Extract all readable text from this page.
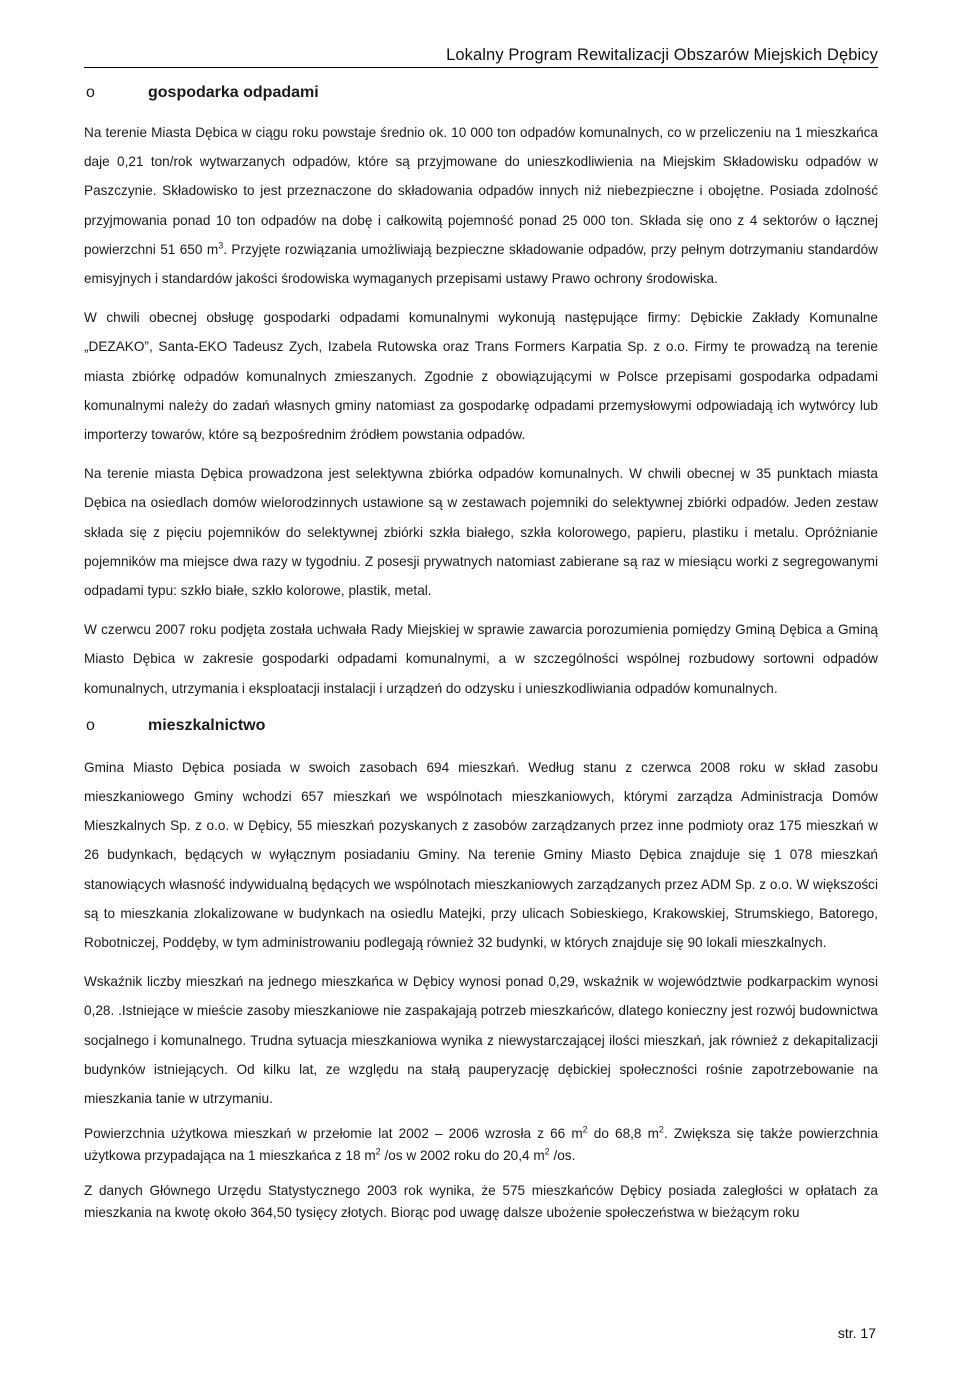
Lokalny Program Rewitalizacji Obszarów Miejskich Dębicy
o	gospodarka odpadami

Na terenie Miasta Dębica w ciągu roku powstaje średnio ok. 10 000 ton odpadów komunalnych, co w przeliczeniu na 1 mieszkańca daje 0,21 ton/rok wytwarzanych odpadów, które są przyjmowane do unieszkodliwienia na Miejskim Składowisku odpadów w Paszczynie. Składowisko to jest przeznaczone do składowania odpadów innych niż niebezpieczne i obojętne. Posiada zdolność przyjmowania ponad 10 ton odpadów na dobę i całkowitą pojemność ponad 25 000 ton. Składa się ono z 4 sektorów o łącznej powierzchni 51 650 $m^3$. Przyjęte rozwiązania umożliwiają bezpieczne składowanie odpadów, przy pełnym dotrzymaniu standardów emisyjnych i standardów jakości środowiska wymaganych przepisami ustawy Prawo ochrony środowiska.

W chwili obecnej obsługę gospodarki odpadami komunalnymi wykonują następujące firmy: Dębickie Zakłady Komunalne „DEZAKO”, Santa-EKO Tadeusz Zych, Izabela Rutowska oraz Trans Formers Karpatia Sp. z o.o. Firmy te prowadzą na terenie miasta zbiórkę odpadów komunalnych zmieszanych. Zgodnie z obowiązującymi w Polsce przepisami gospodarka odpadami komunalnymi należy do zadań własnych gminy natomiast za gospodarkę odpadami przemysłowymi odpowiadają ich wytwórcy lub importerzy towarów, które są bezpośrednim źródłem powstania odpadów.

Na terenie miasta Dębica prowadzona jest selektywna zbiórka odpadów komunalnych. W chwili obecnej w 35 punktach miasta Dębica na osiedlach domów wielorodzinnych ustawione są w zestawach pojemniki do selektywnej zbiórki odpadów. Jeden zestaw składa się z pięciu pojemników do selektywnej zbiórki szkła białego, szkła kolorowego, papieru, plastiku i metalu. Opróżnianie pojemników ma miejsce dwa razy w tygodniu. Z posesji prywatnych natomiast zabierane są raz w miesiącu worki z segregowanymi odpadami typu: szkło białe, szkło kolorowe, plastik, metal.

W czerwcu 2007 roku podjęta została uchwała Rady Miejskiej w sprawie zawarcia porozumienia pomiędzy Gminą Dębica a Gminą Miasto Dębica w zakresie gospodarki odpadami komunalnymi, a w szczególności wspólnej rozbudowy sortowni odpadów komunalnych, utrzymania i eksploatacji instalacji i urządzeń do odzysku i unieszkodliwiania odpadów komunalnych.

o	mieszkalnictwo

Gmina Miasto Dębica posiada w swoich zasobach 694 mieszkań. Według stanu z czerwca 2008 roku w skład zasobu mieszkaniowego Gminy wchodzi 657 mieszkań we wspólnotach mieszkaniowych, którymi zarządza Administracja Domów Mieszkalnych Sp. z o.o. w Dębicy, 55 mieszkań pozyskanych z zasobów zarządzanych przez inne podmioty oraz 175 mieszkań w 26 budynkach, będących w wyłącznym posiadaniu Gminy. Na terenie Gminy Miasto Dębica znajduje się 1 078 mieszkań stanowiących własność indywidualną będących we wspólnotach mieszkaniowych zarządzanych przez ADM Sp. z o.o. W większości są to mieszkania zlokalizowane w budynkach na osiedlu Matejki, przy ulicach Sobieskiego, Krakowskiej, Strumskiego, Batorego, Robotniczej, Poddęby, w tym administrowaniu podlegają również 32 budynki, w których znajduje się 90 lokali mieszkalnych.

Wskaźnik liczby mieszkań na jednego mieszkańca w Dębicy wynosi ponad 0,29, wskaźnik w województwie podkarpackim wynosi 0,28. .Istniejące w mieście zasoby mieszkaniowe nie zaspakajają potrzeb mieszkańców, dlatego konieczny jest rozwój budownictwa socjalnego i komunalnego. Trudna sytuacja mieszkaniowa wynika z niewystarczającej ilości mieszkań, jak również z dekapitalizacji budynków istniejących. Od kilku lat, ze względu na stałą pauperyzację dębickiej społeczności rośnie zapotrzebowanie na mieszkania tanie w utrzymaniu.

Powierzchnia użytkowa mieszkań w przełomie lat 2002 – 2006 wzrosła z 66 $m^2$ do 68,8 $m^2$. Zwiększa się także powierzchnia użytkowa przypadająca na 1 mieszkańca z 18 $m^2$ /os w 2002 roku do 20,4 $m^2$ /os.

Z danych Głównego Urzędu Statystycznego 2003 rok wynika, że 575 mieszkańców Dębicy posiada zaległości w opłatach za mieszkania na kwotę około 364,50 tysięcy złotych. Biorąc pod uwagę dalsze ubożenie społeczeństwa w bieżącym roku

str. 17
